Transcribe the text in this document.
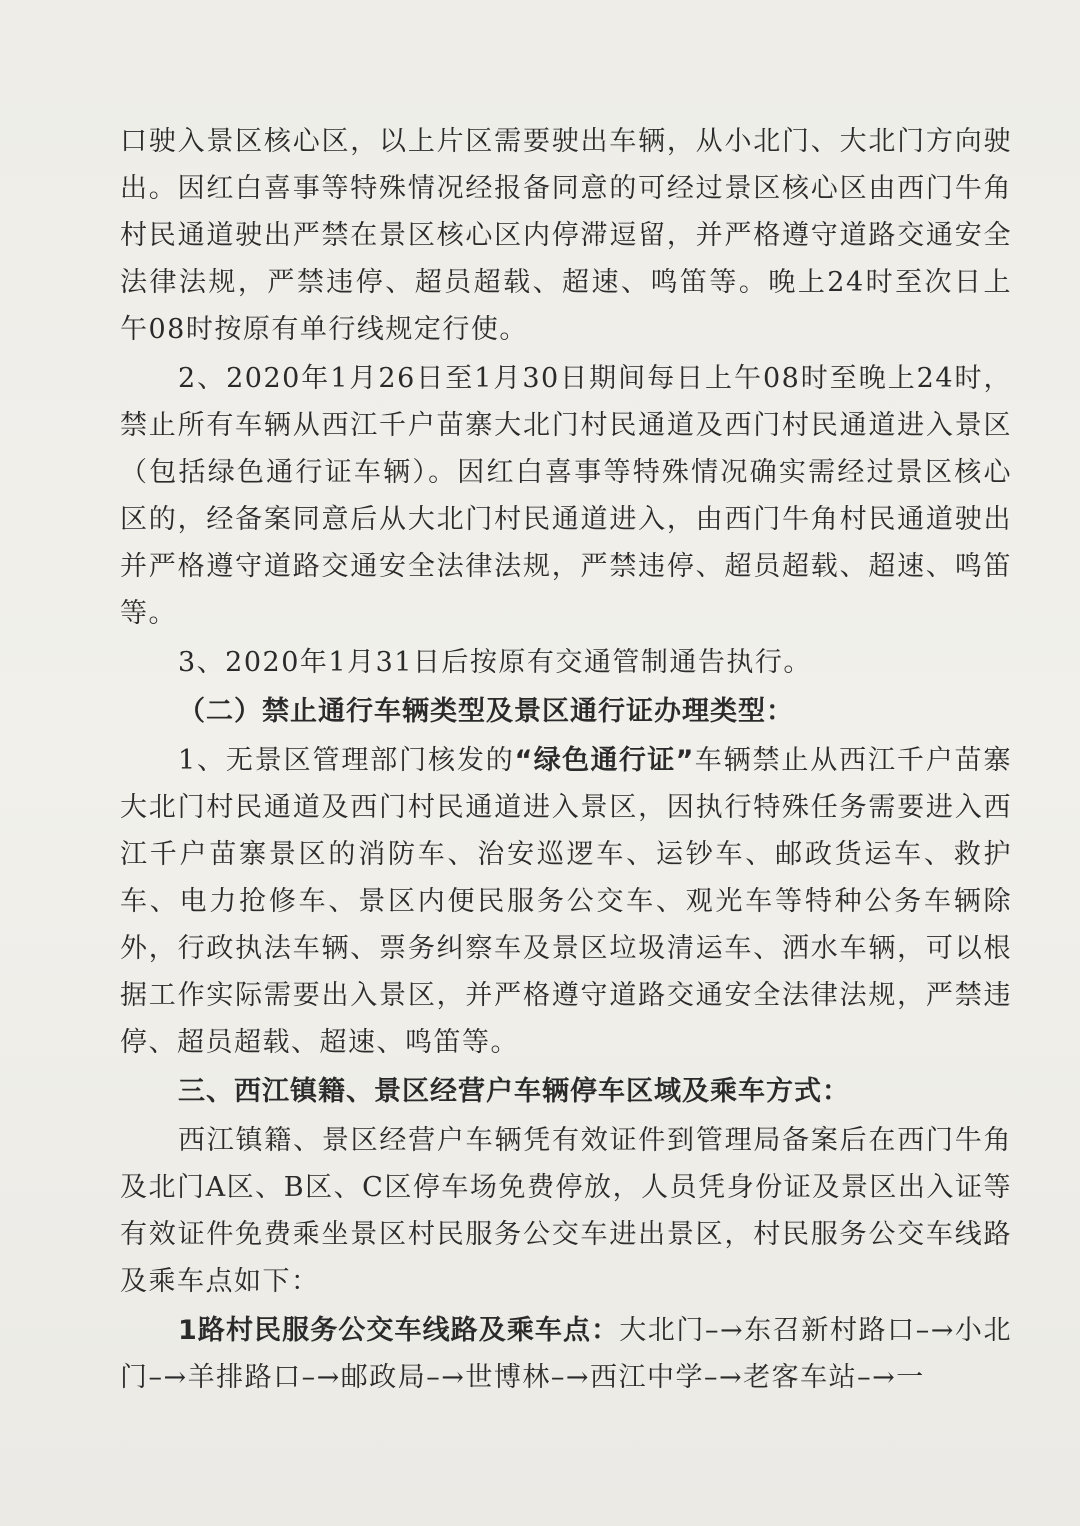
口驶入景区核心区，以上片区需要驶出车辆，从小北门、大北门方向驶出。因红白喜事等特殊情况经报备同意的可经过景区核心区由西门牛角村民通道驶出严禁在景区核心区内停滞逗留，并严格遵守道路交通安全法律法规，严禁违停、超员超载、超速、鸣笛等。晚上24时至次日上午08时按原有单行线规定行使。

2、2020年1月26日至1月30日期间每日上午08时至晚上24时，禁止所有车辆从西江千户苗寨大北门村民通道及西门村民通道进入景区（包括绿色通行证车辆）。因红白喜事等特殊情况确实需经过景区核心区的，经备案同意后从大北门村民通道进入，由西门牛角村民通道驶出并严格遵守道路交通安全法律法规，严禁违停、超员超载、超速、鸣笛等。

3、2020年1月31日后按原有交通管制通告执行。

（二）禁止通行车辆类型及景区通行证办理类型：

1、无景区管理部门核发的“绿色通行证”车辆禁止从西江千户苗寨大北门村民通道及西门村民通道进入景区，因执行特殊任务需要进入西江千户苗寨景区的消防车、治安巡逻车、运钞车、邮政货运车、救护车、电力抢修车、景区内便民服务公交车、观光车等特种公务车辆除外，行政执法车辆、票务纠察车及景区垃圾清运车、洒水车辆，可以根据工作实际需要出入景区，并严格遵守道路交通安全法律法规，严禁违停、超员超载、超速、鸣笛等。

三、西江镇籍、景区经营户车辆停车区域及乘车方式：

西江镇籍、景区经营户车辆凭有效证件到管理局备案后在西门牛角及北门A区、B区、C区停车场免费停放，人员凭身份证及景区出入证等有效证件免费乘坐景区村民服务公交车进出景区，村民服务公交车线路及乘车点如下：

1路村民服务公交车线路及乘车点：大北门–→东召新村路口–→小北门–→羊排路口–→邮政局–→世博林–→西江中学–→老客车站–→一
